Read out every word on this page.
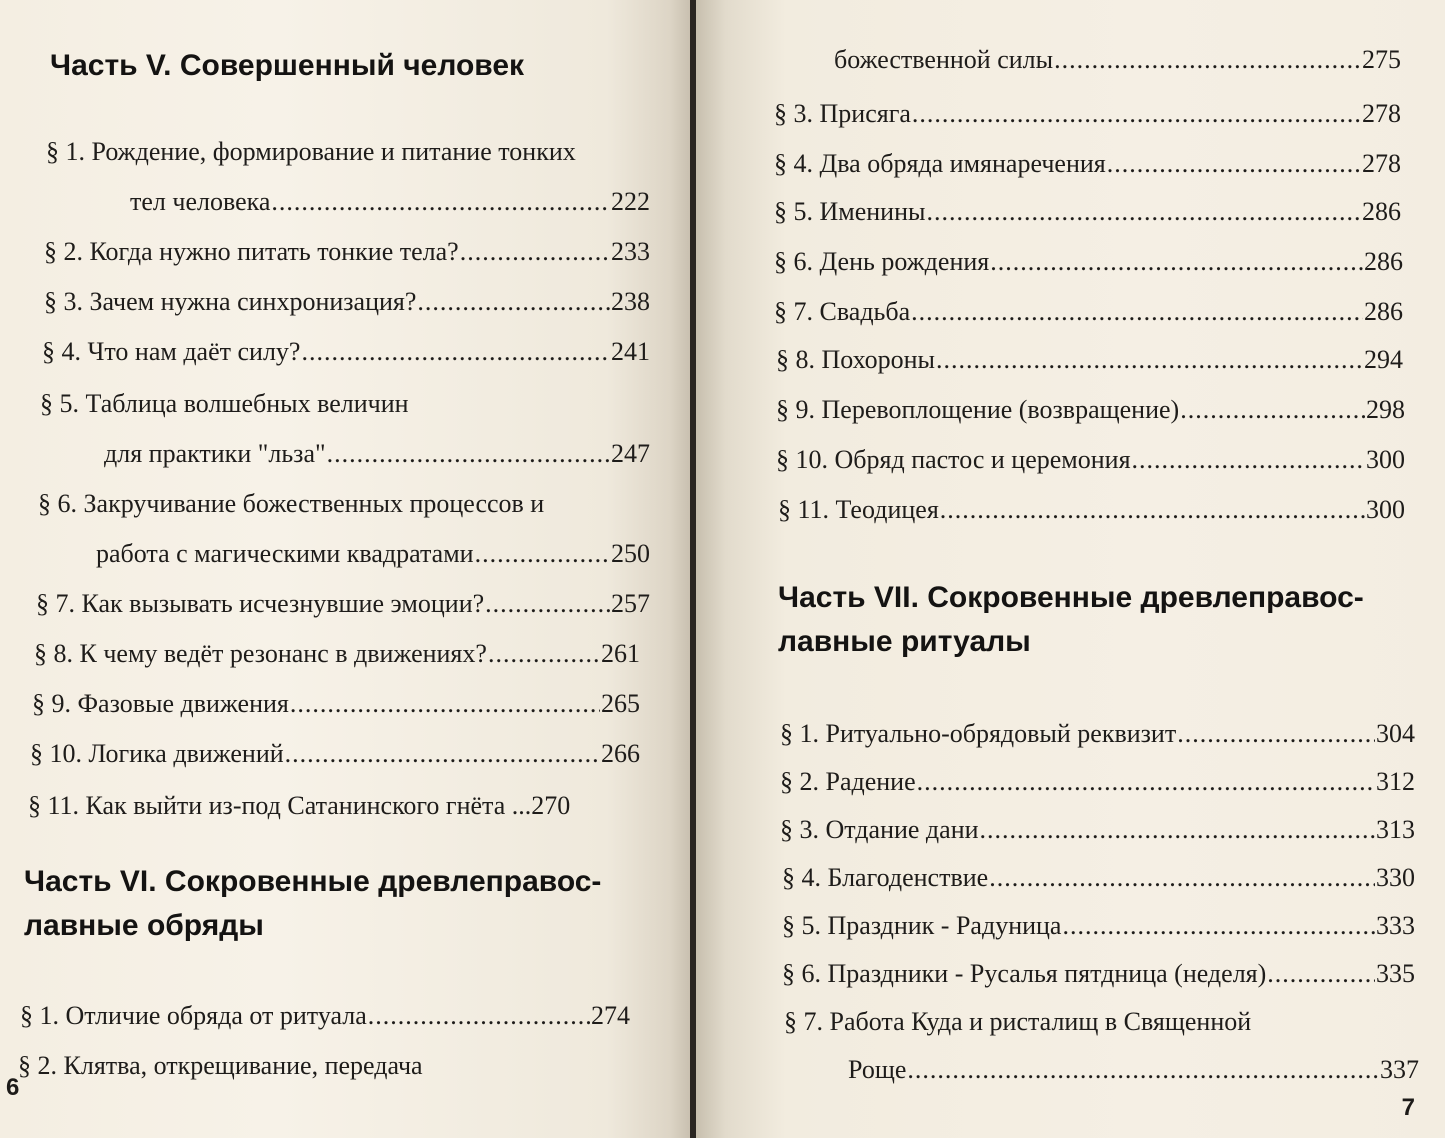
Часть V. Совершенный человек
§ 1. Рождение, формирование и питание тонких
тел человека .....	222
§ 2. Когда нужно питать тонкие тела? .....	233
§ 3. Зачем нужна синхронизация? .....	238
§ 4. Что нам даёт силу? .....	241
§ 5. Таблица волшебных величин
для практики "льза" .....	247
§ 6. Закручивание божественных процессов и
работа с магическими квадратами .....	250
§ 7. Как вызывать исчезнувшие эмоции? .....	257
§ 8. К чему ведёт резонанс в движениях? .....	261
§ 9. Фазовые движения .....	265
§ 10. Логика движений .....	266
§ 11. Как выйти из-под Сатанинского гнёта ... 270
Часть VI. Сокровенные древлеправос-
лавные обряды
§ 1. Отличие обряда от ритуала .....	274
§ 2. Клятва, открещивание, передача
6
божественной силы .....	275
§ 3. Присяга .....	278
§ 4. Два обряда имянаречения .....	278
§ 5. Именины .....	286
§ 6. День рождения .....	286
§ 7. Свадьба .....	286
§ 8. Похороны .....	294
§ 9. Перевоплощение (возвращение) .....	298
§ 10. Обряд пастос и церемония .....	300
§ 11. Теодицея .....	300
Часть VII. Сокровенные древлеправос-
лавные ритуалы
§ 1. Ритуально-обрядовый реквизит .....	304
§ 2. Радение .....	312
§ 3. Отдание дани .....	313
§ 4. Благоденствие .....	330
§ 5. Праздник - Радуница .....	333
§ 6. Праздники - Русалья пятдница (неделя) .....	335
§ 7. Работа Куда и ристалищ в Священной
Роще .....	337
7
